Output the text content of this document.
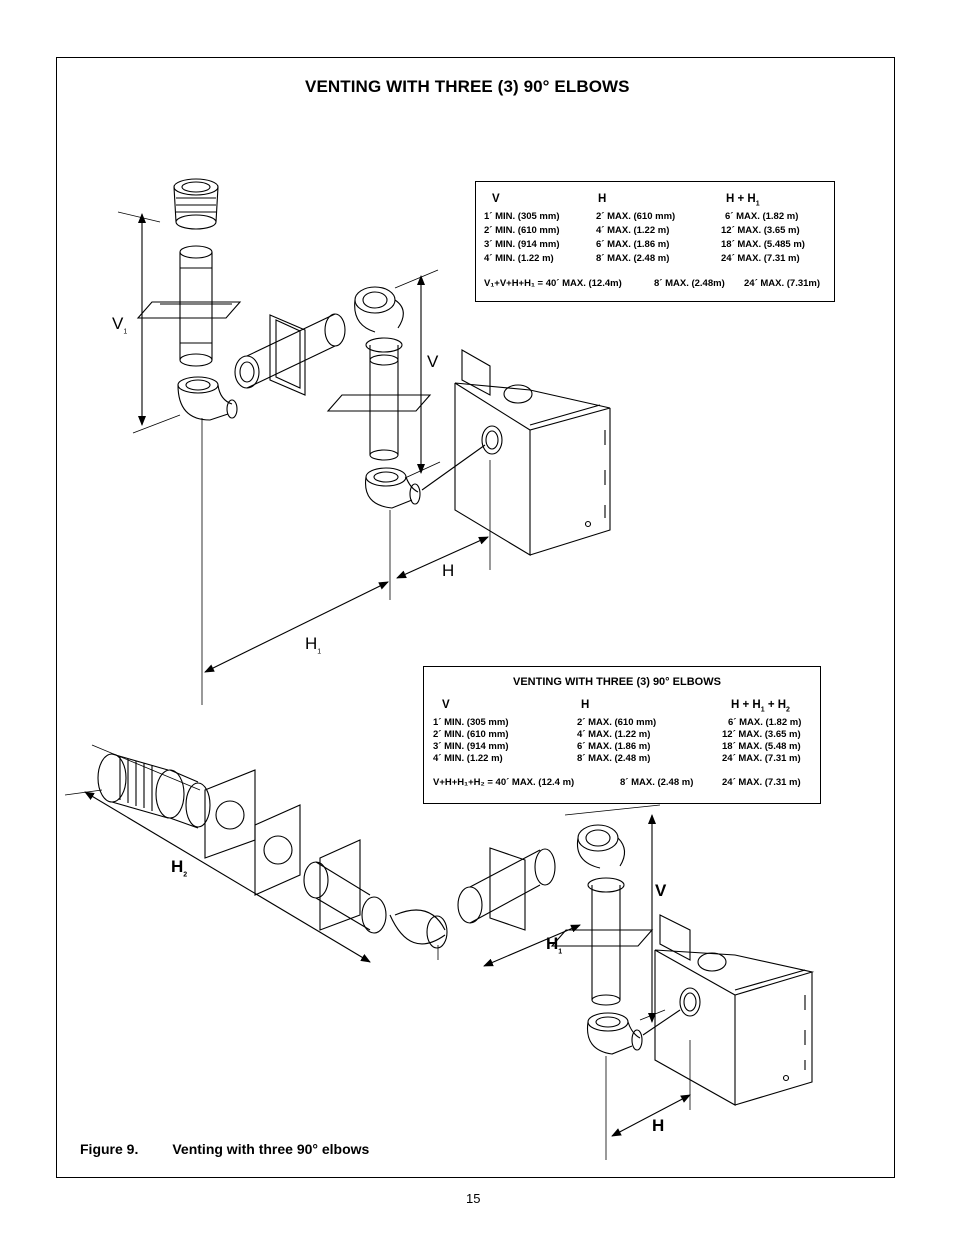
VENTING WITH THREE (3) 90° ELBOWS
$V_1$
V
H
$H_1$
$H_2$
$H_1$
V
H
V	H	$H + H_1$
1´ MIN. (305 mm)	2´ MAX. (610 mm)	6´ MAX. (1.82 m)
2´ MIN. (610 mm)	4´ MAX. (1.22 m)	12´ MAX. (3.65 m)
3´ MIN. (914 mm)	6´ MAX. (1.86 m)	18´ MAX. (5.485 m)
4´ MIN. (1.22 m)	8´ MAX. (2.48 m)	24´ MAX. (7.31 m)
V₁+V+H+H₁ = 40´ MAX. (12.4m)	8´ MAX. (2.48m) 24´ MAX. (7.31m)
VENTING WITH THREE (3) 90° ELBOWS
V	H	$H + H_1 + H_2$
1´ MIN. (305 mm)	2´ MAX. (610 mm)	6´ MAX. (1.82 m)
2´ MIN. (610 mm)	4´ MAX. (1.22 m)	12´ MAX. (3.65 m)
3´ MIN. (914 mm)	6´ MAX. (1.86 m)	18´ MAX. (5.48 m)
4´ MIN. (1.22 m)	8´ MAX. (2.48 m)	24´ MAX. (7.31 m)
V+H+H₁+H₂ = 40´ MAX. (12.4 m)	8´ MAX. (2.48 m)	24´ MAX. (7.31 m)
Figure 9. Venting with three 90° elbows
15
